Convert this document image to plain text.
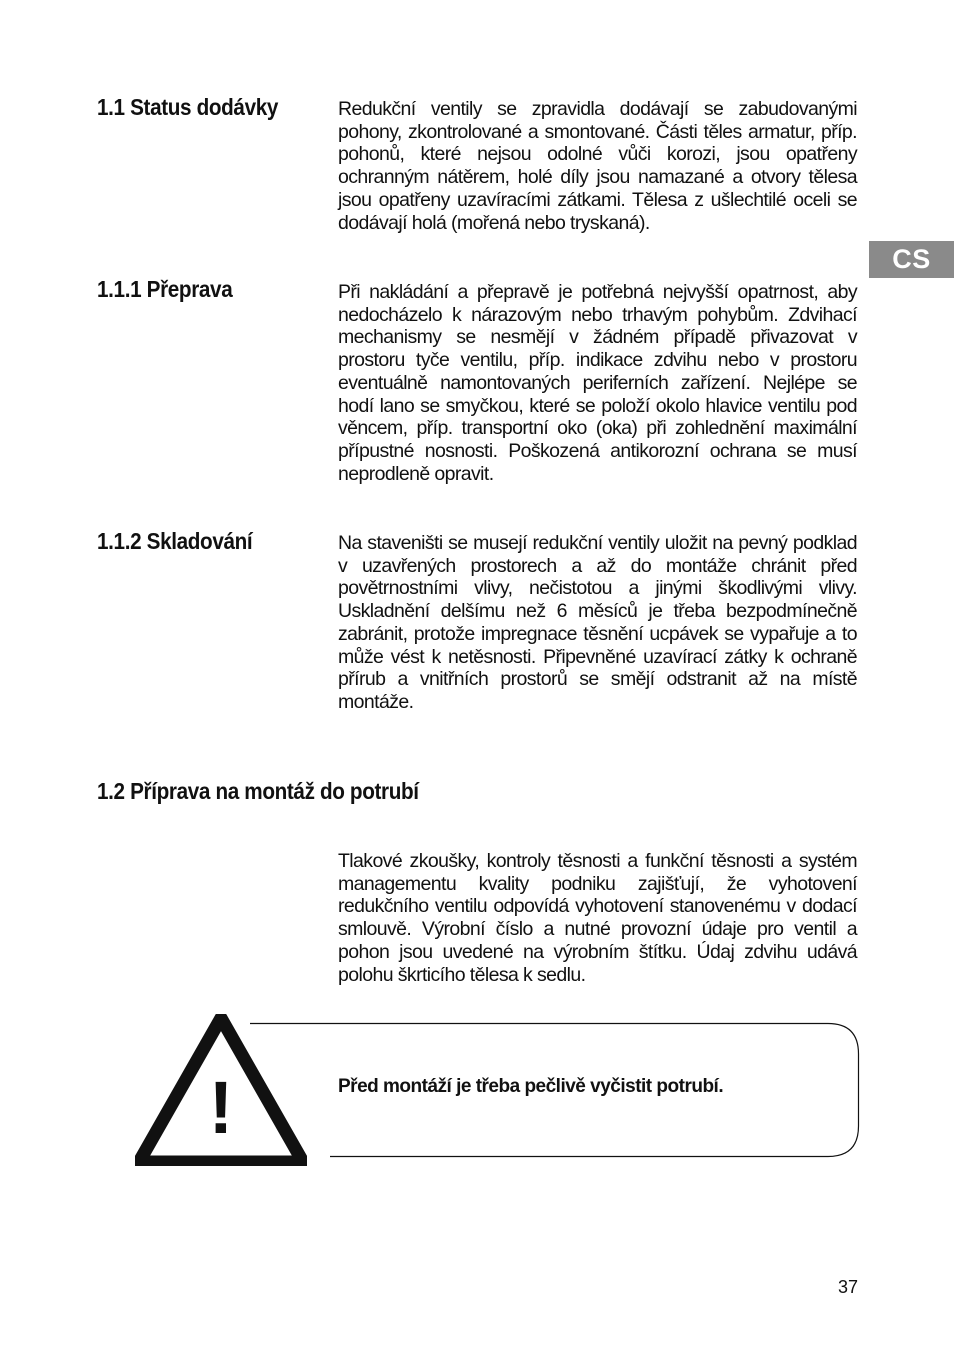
CS
1.1 Status dodávky	Redukční ventily se zpravidla dodávají se zabudovanými pohony, zkontrolované a smontované. Části těles armatur, příp. pohonů, které nejsou odolné vůči korozi, jsou opatřeny ochranným nátěrem, holé díly jsou namazané a otvory tělesa jsou opatřeny uzavíracími zátkami. Tělesa z ušlechtilé oceli se dodávají holá (mořená nebo tryskaná).

1.1.1 Přeprava	Při nakládání a přepravě je potřebná nejvyšší opatrnost, aby nedocházelo k nárazovým nebo trhavým pohybům. Zdvihací mechanismy se nesmějí v žádném případě přivazovat v prostoru tyče ventilu, příp. indikace zdvihu nebo v prostoru eventuálně namontovaných periferních zařízení. Nejlépe se hodí lano se smyčkou, které se položí okolo hlavice ventilu pod věncem, příp. transportní oko (oka) při zohlednění maximální přípustné nosnosti. Poškozená antikorozní ochrana se musí neprodleně opravit.

1.1.2 Skladování	Na staveništi se musejí redukční ventily uložit na pevný podklad v uzavřených prostorech a až do montáže chránit před povětrnostními vlivy, nečistotou a jinými škodlivými vlivy. Uskladnění delšímu než 6 měsíců je třeba bezpodmínečně zabránit, protože impregnace těsnění ucpávek se vypařuje a to může vést k netěsnosti. Připevněné uzavírací zátky k ochraně přírub a vnitřních prostorů se smějí odstranit až na místě montáže.

1.2 Příprava na montáž do potrubí

Tlakové zkoušky, kontroly těsnosti a funkční těsnosti a systém managementu kvality podniku zajišťují, že vyhotovení redukčního ventilu odpovídá vyhotovení stanovenému v dodací smlouvě. Výrobní číslo a nutné provozní údaje pro ventil a pohon jsou uvedené na výrobním štítku. Údaj zdvihu udává polohu škrticího tělesa k sedlu.

!	Před montáží je třeba pečlivě vyčistit potrubí.

37
